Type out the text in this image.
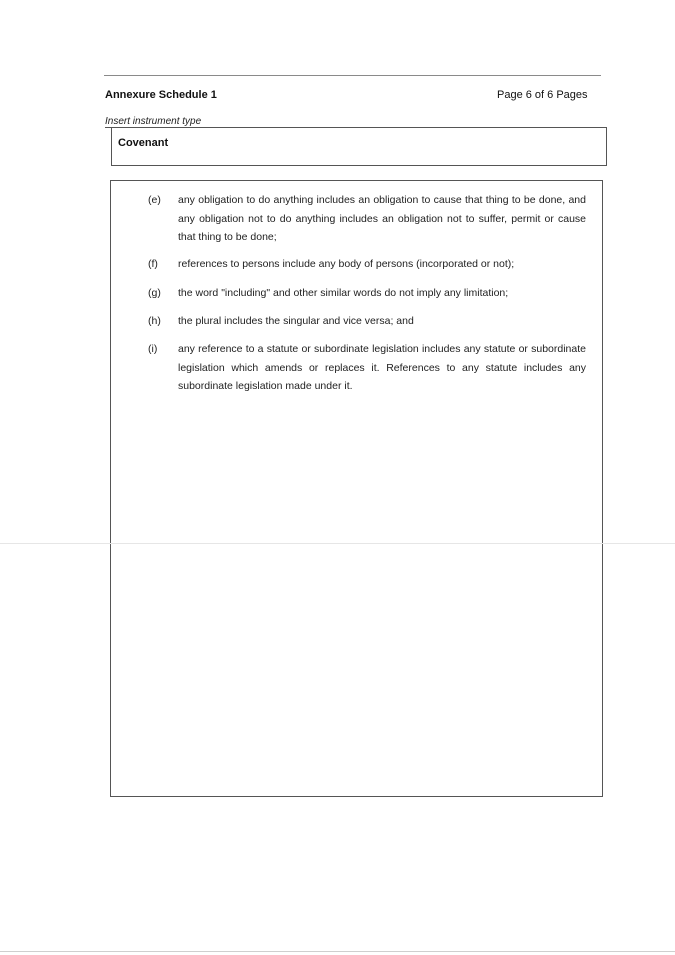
Annexure Schedule 1	Page 6 of 6 Pages
Insert instrument type
Covenant
(e) any obligation to do anything includes an obligation to cause that thing to be done, and any obligation not to do anything includes an obligation not to suffer, permit or cause that thing to be done;
(f) references to persons include any body of persons (incorporated or not);
(g) the word "including" and other similar words do not imply any limitation;
(h) the plural includes the singular and vice versa; and
(i) any reference to a statute or subordinate legislation includes any statute or subordinate legislation which amends or replaces it. References to any statute includes any subordinate legislation made under it.
